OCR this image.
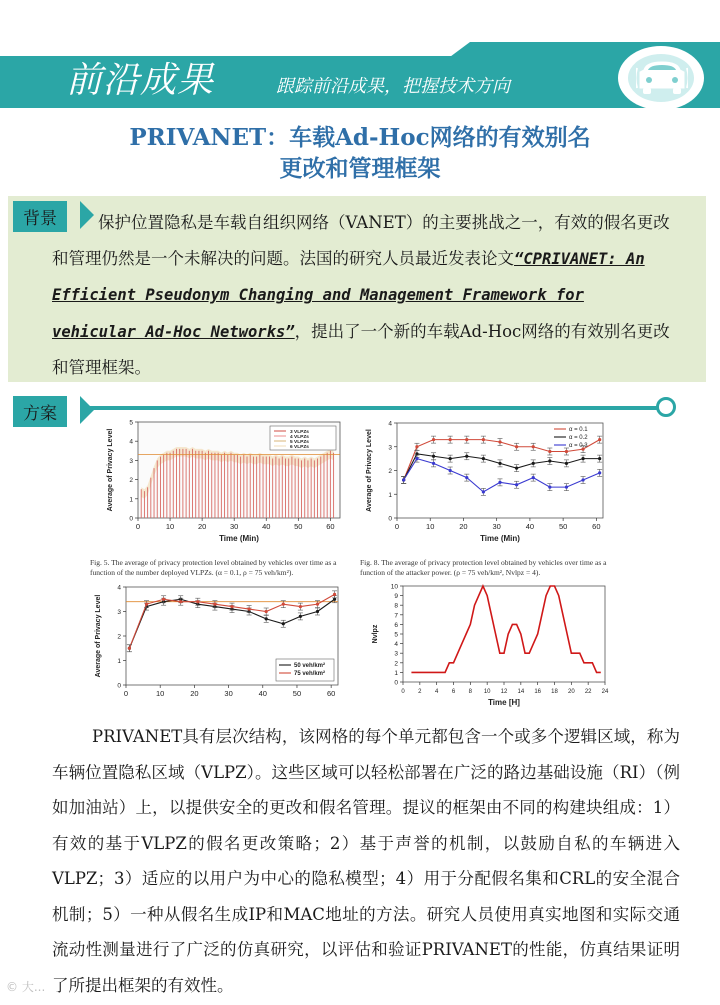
前沿成果	跟踪前沿成果，把握技术方向
PRIVANET：车载Ad-Hoc网络的有效别名
更改和管理框架
背景	保护位置隐私是车载自组织网络（VANET）的主要挑战之一，有效的假名更改和管理仍然是一个未解决的问题。法国的研究人员最近发表论文“CPRIVANET: An Efficient Pseudonym Changing and Management Framework for vehicular Ad-Hoc Networks”，提出了一个新的车载Ad-Hoc网络的有效别名更改和管理框架。
方案
0	10	20	30	40	50	60
0
1
2
3
4
5
Time (Min)
Average of Privacy Level	3 VLPZs
4 VLPZs
5 VLPZs
6 VLPZs
0	10	20	30	40	50	60
0
1
2
3
4
Time (Min)
Average of Privacy Level	α = 0.1
α = 0.2
α = 0.3
0	10	20	30	40	50	60
0
1
2
3
4
Average of Privacy Level	50 veh/km²
75 veh/km²
0 2 4 6 8 10 12 14 16 18 20 22 24
0
1
2
3
4
5
6
7
8
9
10
Time [H]
Nvlpz
Fig. 5. The average of privacy protection level obtained by vehicles over time as a function of the number deployed VLPZs. (α = 0.1, ρ = 75 veh/km²).
Fig. 8. The average of privacy protection level obtained by vehicles over time as a function of the attacker power. (ρ = 75 veh/km², Nvlpz = 4).
PRIVANET具有层次结构，该网格的每个单元都包含一个或多个逻辑区域，称为车辆位置隐私区域（VLPZ）。这些区域可以轻松部署在广泛的路边基础设施（RI）（例如加油站）上，以提供安全的更改和假名管理。提议的框架由不同的构建块组成：1）有效的基于VLPZ的假名更改策略；2）基于声誉的机制，以鼓励自私的车辆进入VLPZ；3）适应的以用户为中心的隐私模型；4）用于分配假名集和CRL的安全混合机制；5）一种从假名生成IP和MAC地址的方法。研究人员使用真实地图和实际交通流动性测量进行了广泛的仿真研究，以评估和验证PRIVANET的性能，仿真结果证明了所提出框架的有效性。
© 大...
